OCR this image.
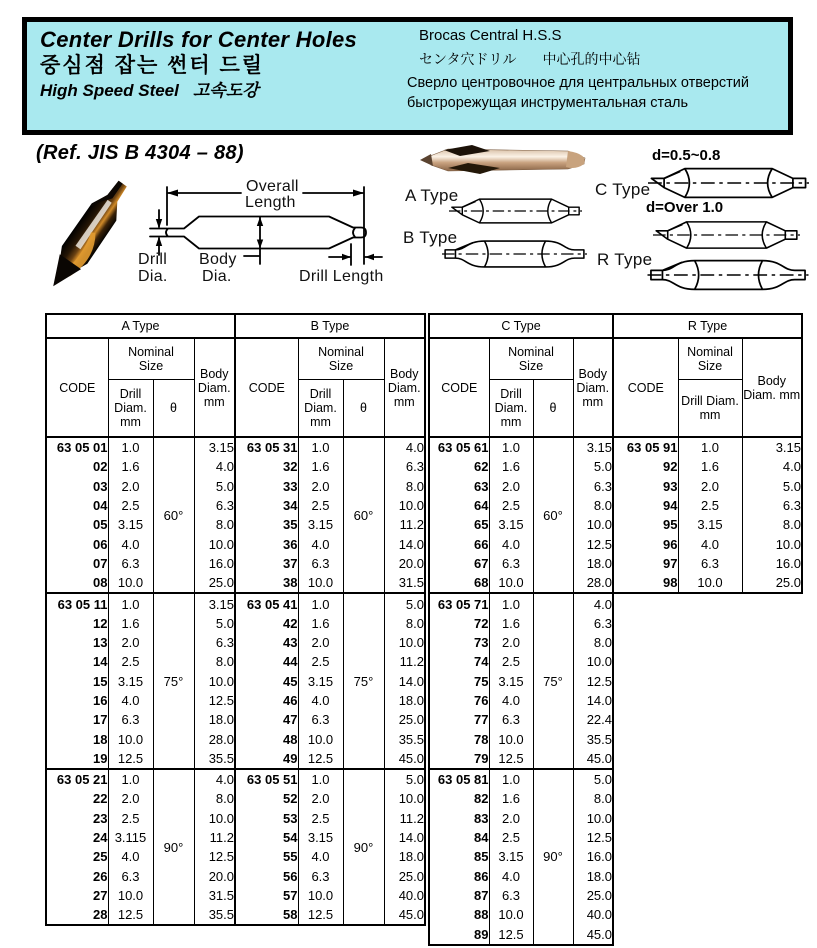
Center Drills for Center Holes
중심점 잡는 썬터 드릴
High Speed Steel 고속도강
Brocas Central H.S.S
センタ穴ドリル 中心孔的中心钻
Сверло центровочное для центральных отверстий
быстрорежущая инструментальная сталь
(Ref. JIS B 4304 – 88)
Overall
Length
Drill
Dia.
Body
Dia.	Drill Length
A Type
B Type
C Type
R Type
d=0.5~0.8
d=Over 1.0
A Type			
CODE	Nominal Size		Body Diam. mm
	Drill Diam. mm	θ	
63 05 01	1.0	60°	3.15
02	1.6		4.0
03	2.0		5.0
04	2.5		6.3
05	3.15		8.0
06	4.0		10.0
07	6.3		16.0
08	10.0		25.0
63 05 11	1.0	75°	3.15
12	1.6		5.0
13	2.0		6.3
14	2.5		8.0
15	3.15		10.0
16	4.0		12.5
17	6.3		18.0
18	10.0		28.0
19	12.5		35.5
63 05 21	1.0	90°	4.0
22	2.0		8.0
23	2.5		10.0
24	3.115		11.2
25	4.0		12.5
26	6.3		20.0
27	10.0		31.5
28	12.5		35.5
B Type			
CODE	Nominal Size		Body Diam. mm
	Drill Diam. mm	θ	
63 05 31	1.0	60°	4.0
32	1.6		6.3
33	2.0		8.0
34	2.5		10.0
35	3.15		11.2
36	4.0		14.0
37	6.3		20.0
38	10.0		31.5
63 05 41	1.0	75°	5.0
42	1.6		8.0
43	2.0		10.0
44	2.5		11.2
45	3.15		14.0
46	4.0		18.0
47	6.3		25.0
48	10.0		35.5
49	12.5		45.0
63 05 51	1.0	90°	5.0
52	2.0		10.0
53	2.5		11.2
54	3.15		14.0
55	4.0		18.0
56	6.3		25.0
57	10.0		40.0
58	12.5		45.0
C Type			
CODE	Nominal Size		Body Diam. mm
	Drill Diam. mm	θ	
63 05 61	1.0	60°	3.15
62	1.6		5.0
63	2.0		6.3
64	2.5		8.0
65	3.15		10.0
66	4.0		12.5
67	6.3		18.0
68	10.0		28.0
63 05 71	1.0	75°	4.0
72	1.6		6.3
73	2.0		8.0
74	2.5		10.0
75	3.15		12.5
76	4.0		14.0
77	6.3		22.4
78	10.0		35.5
79	12.5		45.0
63 05 81	1.0	90°	5.0
82	1.6		8.0
83	2.0		10.0
84	2.5		12.5
85	3.15		16.0
86	4.0		18.0
87	6.3		25.0
88	10.0		40.0
89	12.5		45.0
R Type		
CODE	Nominal Size	Body Diam. mm
	Drill Diam. mm	
63 05 91	1.0	3.15
92	1.6	4.0
93	2.0	5.0
94	2.5	6.3
95	3.15	8.0
96	4.0	10.0
97	6.3	16.0
98	10.0	25.0
